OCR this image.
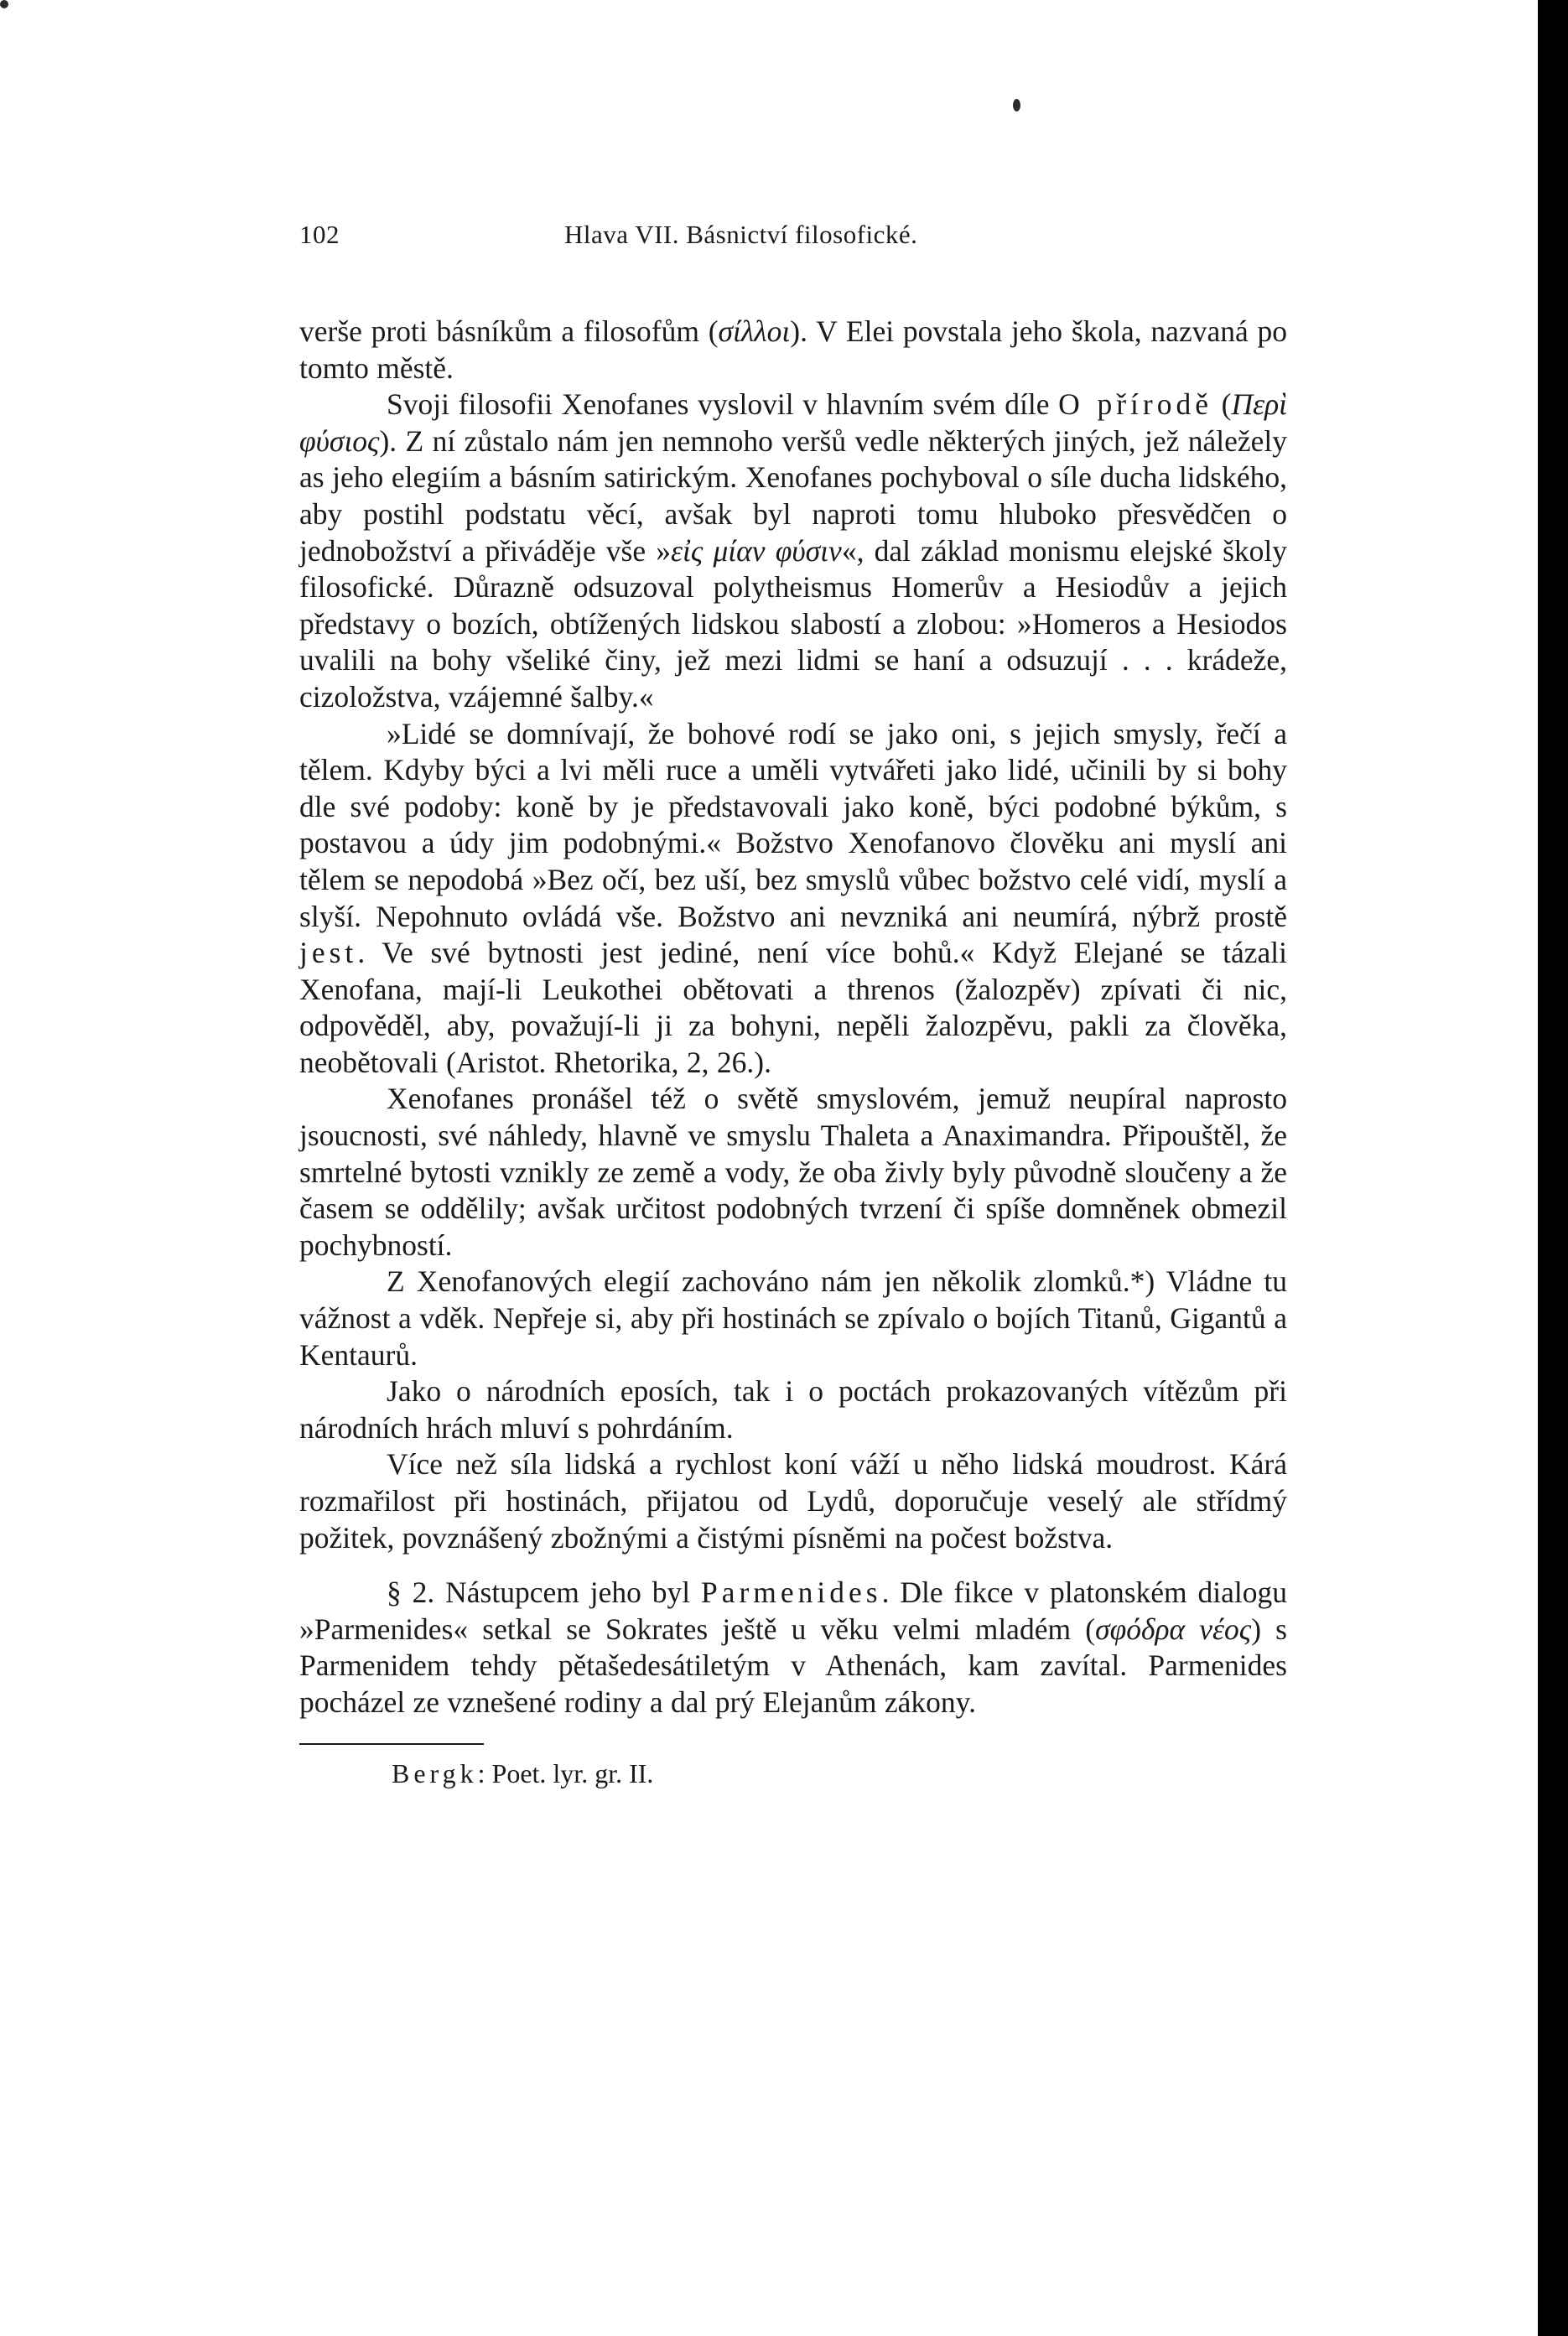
102	Hlava VII. Básnictví filosofické.

verše proti básníkům a filosofům (σίλλοι). V Elei povstala jeho škola, nazvaná po tomto městě.

Svoji filosofii Xenofanes vyslovil v hlavním svém díle O přírodě (Περὶ φύσιος). Z ní zůstalo nám jen nemnoho veršů vedle některých jiných, jež náležely as jeho elegiím a básním satirickým. Xenofanes pochyboval o síle ducha lidského, aby postihl podstatu věcí, avšak byl naproti tomu hluboko přesvědčen o jednobožství a přiváděje vše »εἰς μίαν φύσιν«, dal základ monismu elejské školy filosofické. Důrazně odsuzoval polytheismus Homerův a Hesiodův a jejich představy o bozích, obtížených lidskou slabostí a zlobou: »Homeros a Hesiodos uvalili na bohy všeliké činy, jež mezi lidmi se haní a odsuzují . . . krádeže, cizoložstva, vzájemné šalby.«

»Lidé se domnívají, že bohové rodí se jako oni, s jejich smysly, řečí a tělem. Kdyby býci a lvi měli ruce a uměli vytvářeti jako lidé, učinili by si bohy dle své podoby: koně by je představovali jako koně, býci podobné býkům, s postavou a údy jim podobnými.« Božstvo Xenofanovo člověku ani myslí ani tělem se nepodobá »Bez očí, bez uší, bez smyslů vůbec božstvo celé vidí, myslí a slyší. Nepohnuto ovládá vše. Božstvo ani nevzniká ani neumírá, nýbrž prostě jest. Ve své bytnosti jest jediné, není více bohů.« Když Elejané se tázali Xenofana, mají-li Leukothei obětovati a threnos (žalozpěv) zpívati či nic, odpověděl, aby, považují-li ji za bohyni, nepěli žalozpěvu, pakli za člověka, neobětovali (Aristot. Rhetorika, 2, 26.).

Xenofanes pronášel též o světě smyslovém, jemuž neupíral naprosto jsoucnosti, své náhledy, hlavně ve smyslu Thaleta a Anaximandra. Připouštěl, že smrtelné bytosti vznikly ze země a vody, že oba živly byly původně sloučeny a že časem se oddělily; avšak určitost podobných tvrzení či spíše domněnek obmezil pochybností.

Z Xenofanových elegií zachováno nám jen několik zlomků.*) Vládne tu vážnost a vděk. Nepřeje si, aby při hostinách se zpívalo o bojích Titanů, Gigantů a Kentaurů.

Jako o národních eposích, tak i o poctách prokazovaných vítězům při národních hrách mluví s pohrdáním.

Více než síla lidská a rychlost koní váží u něho lidská moudrost. Kárá rozmařilost při hostinách, přijatou od Lydů, doporučuje veselý ale střídmý požitek, povznášený zbožnými a čistými písněmi na počest božstva.

§ 2. Nástupcem jeho byl Parmenides. Dle fikce v platonském dialogu »Parmenides« setkal se Sokrates ještě u věku velmi mladém (σφόδρα νέος) s Parmenidem tehdy pětašedesátiletým v Athenách, kam zavítal. Parmenides pocházel ze vznešené rodiny a dal prý Elejanům zákony.

Bergk: Poet. lyr. gr. II.
